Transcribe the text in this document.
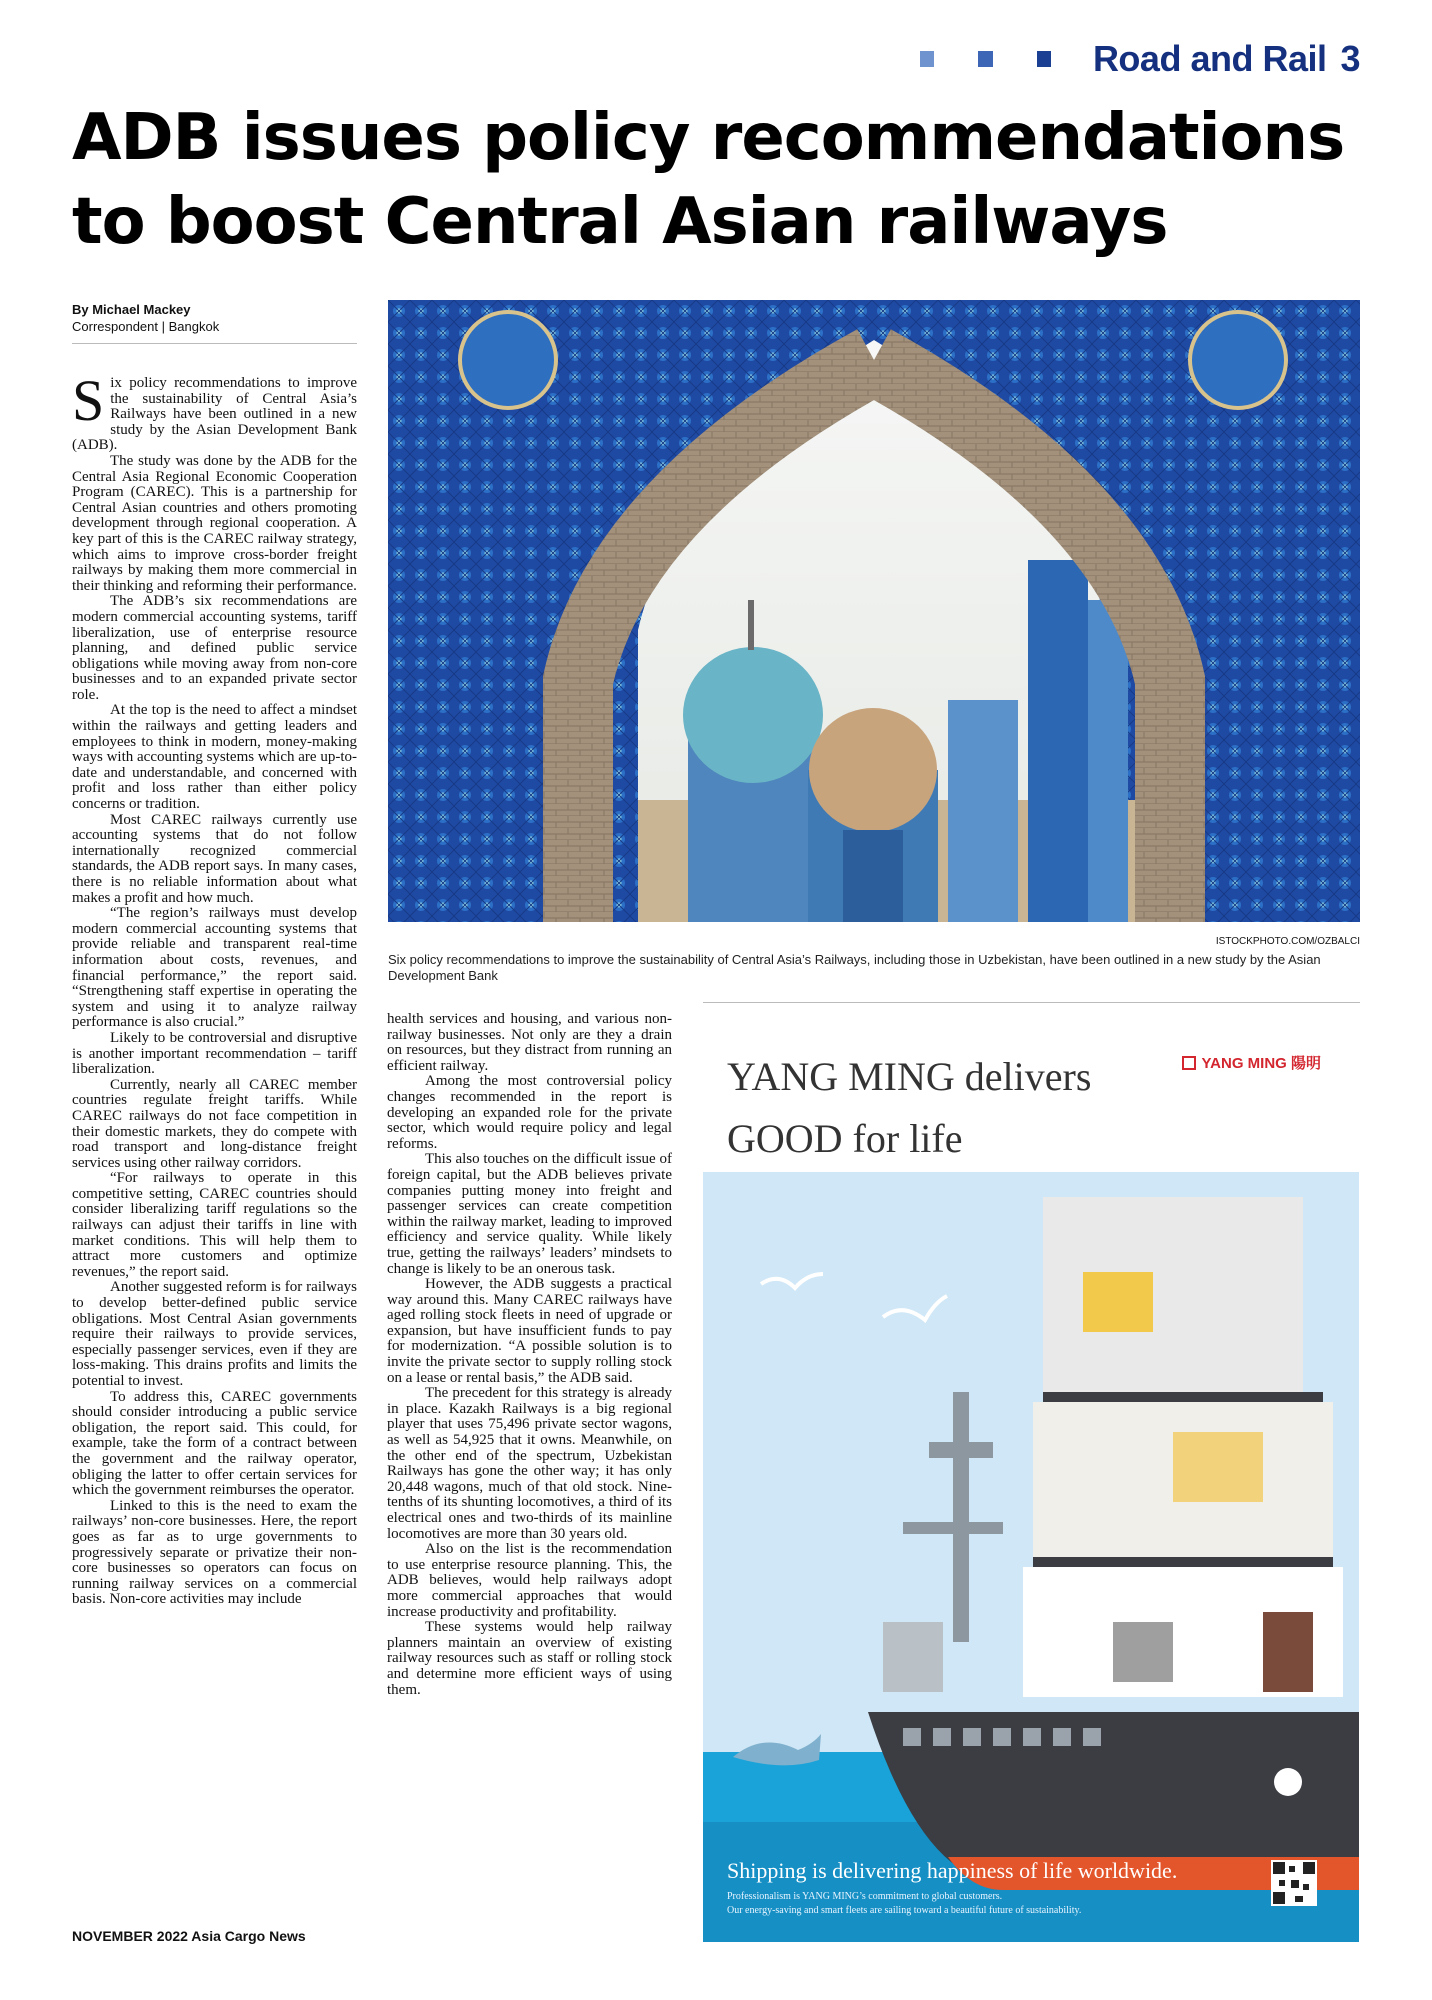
Road and Rail 3
ADB issues policy recommendations
to boost Central Asian railways
By Michael Mackey
Correspondent | Bangkok

Six policy recommendations to improve the sustainability of Central Asia’s Railways have been outlined in a new study by the Asian Development Bank (ADB).

The study was done by the ADB for the Central Asia Regional Economic Cooperation Program (CAREC). This is a partnership for Central Asian countries and others promoting development through regional cooperation. A key part of this is the CAREC railway strategy, which aims to improve cross-border freight railways by making them more commercial in their thinking and reforming their performance.

The ADB’s six recommendations are modern commercial accounting systems, tariff liberalization, use of enterprise resource planning, and defined public service obligations while moving away from non-core businesses and to an expanded private sector role.

At the top is the need to affect a mindset within the railways and getting leaders and employees to think in modern, money-making ways with accounting systems which are up-to-date and understandable, and concerned with profit and loss rather than either policy concerns or tradition.

Most CAREC railways currently use accounting systems that do not follow internationally recognized commercial standards, the ADB report says. In many cases, there is no reliable information about what makes a profit and how much.

“The region’s railways must develop modern commercial accounting systems that provide reliable and transparent real-time information about costs, revenues, and financial performance,” the report said. “Strengthening staff expertise in operating the system and using it to analyze railway performance is also crucial.”

Likely to be controversial and disruptive is another important recommendation – tariff liberalization.

Currently, nearly all CAREC member countries regulate freight tariffs. While CAREC railways do not face competition in their domestic markets, they do compete with road transport and long-distance freight services using other railway corridors.

“For railways to operate in this competitive setting, CAREC countries should consider liberalizing tariff regulations so the railways can adjust their tariffs in line with market conditions. This will help them to attract more customers and optimize revenues,” the report said.

Another suggested reform is for railways to develop better-defined public service obligations. Most Central Asian governments require their railways to provide services, especially passenger services, even if they are loss-making. This drains profits and limits the potential to invest.

To address this, CAREC governments should consider introducing a public service obligation, the report said. This could, for example, take the form of a contract between the government and the railway operator, obliging the latter to offer certain services for which the government reimburses the operator.

Linked to this is the need to exam the railways’ non-core businesses. Here, the report goes as far as to urge governments to progressively separate or privatize their non-core businesses so operators can focus on running railway services on a commercial basis. Non-core activities may include

ISTOCKPHOTO.COM/OZBALCI
Six policy recommendations to improve the sustainability of Central Asia’s Railways, including those in Uzbekistan, have been outlined in a new study by the Asian Development Bank

health services and housing, and various non-railway businesses. Not only are they a drain on resources, but they distract from running an efficient railway.

Among the most controversial policy changes recommended in the report is developing an expanded role for the private sector, which would require policy and legal reforms.

This also touches on the difficult issue of foreign capital, but the ADB believes private companies putting money into freight and passenger services can create competition within the railway market, leading to improved efficiency and service quality. While likely true, getting the railways’ leaders’ mindsets to change is likely to be an onerous task.

However, the ADB suggests a practical way around this. Many CAREC railways have aged rolling stock fleets in need of upgrade or expansion, but have insufficient funds to pay for modernization. “A possible solution is to invite the private sector to supply rolling stock on a lease or rental basis,” the ADB said.

The precedent for this strategy is already in place. Kazakh Railways is a big regional player that uses 75,496 private sector wagons, as well as 54,925 that it owns. Meanwhile, on the other end of the spectrum, Uzbekistan Railways has gone the other way; it has only 20,448 wagons, much of that old stock. Nine-tenths of its shunting locomotives, a third of its electrical ones and two-thirds of its mainline locomotives are more than 30 years old.

Also on the list is the recommendation to use enterprise resource planning. This, the ADB believes, would help railways adopt more commercial approaches that would increase productivity and profitability.

These systems would help railway planners maintain an overview of existing railway resources such as staff or rolling stock and determine more efficient ways of using them.

YANG MING delivers
GOOD for life
YANG MING 陽明
Shipping is delivering happiness of life worldwide.
Professionalism is YANG MING’s commitment to global customers.
Our energy-saving and smart fleets are sailing toward a beautiful future of sustainability.
NOVEMBER 2022 Asia Cargo News
